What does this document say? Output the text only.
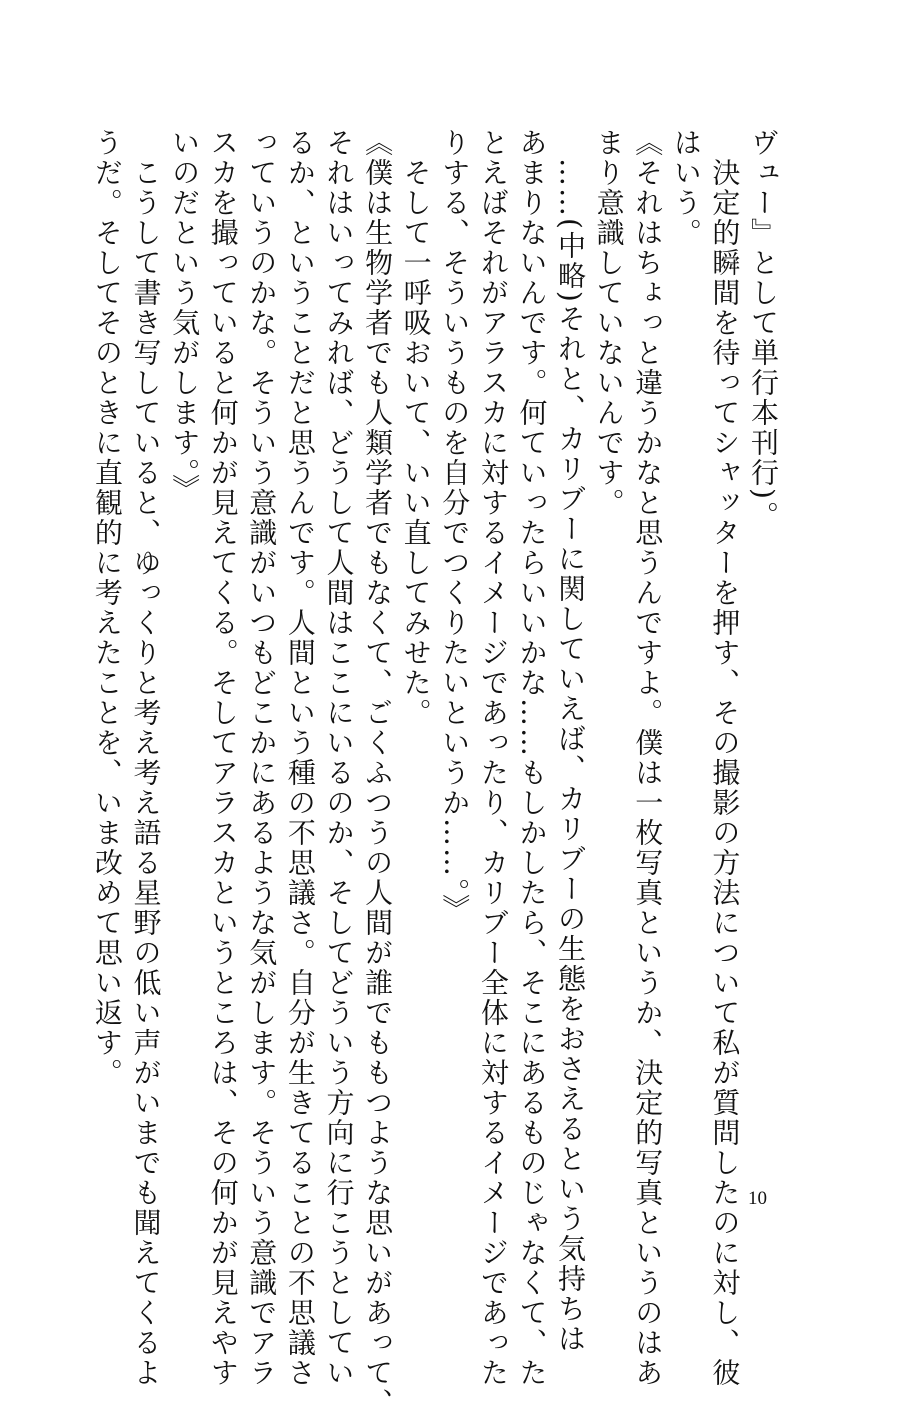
ヴュー』として単行本刊行)。
　決定的瞬間を待ってシャッターを押す、その撮影の方法について私が質問したのに対し、彼
はいう。
《それはちょっと違うかなと思うんですよ。僕は一枚写真というか、決定的写真というのはあ
まり意識していないんです。
　……(中略)それと、カリブーに関していえば、カリブーの生態をおさえるという気持ちは
あまりないんです。何ていったらいいかな……もしかしたら、そこにあるものじゃなくて、た
とえばそれがアラスカに対するイメージであったり、カリブー全体に対するイメージであった
りする、そういうものを自分でつくりたいというか……。》
　そして一呼吸おいて、いい直してみせた。
《僕は生物学者でも人類学者でもなくて、ごくふつうの人間が誰でももつような思いがあって、
それはいってみれば、どうして人間はここにいるのか、そしてどういう方向に行こうとしてい
るか、ということだと思うんです。人間という種の不思議さ。自分が生きてることの不思議さ
っていうのかな。そういう意識がいつもどこかにあるような気がします。そういう意識でアラ
スカを撮っていると何かが見えてくる。そしてアラスカというところは、その何かが見えやす
いのだという気がします。》
　こうして書き写していると、ゆっくりと考え考え語る星野の低い声がいまでも聞えてくるよ
うだ。そしてそのときに直観的に考えたことを、いま改めて思い返す。
10
